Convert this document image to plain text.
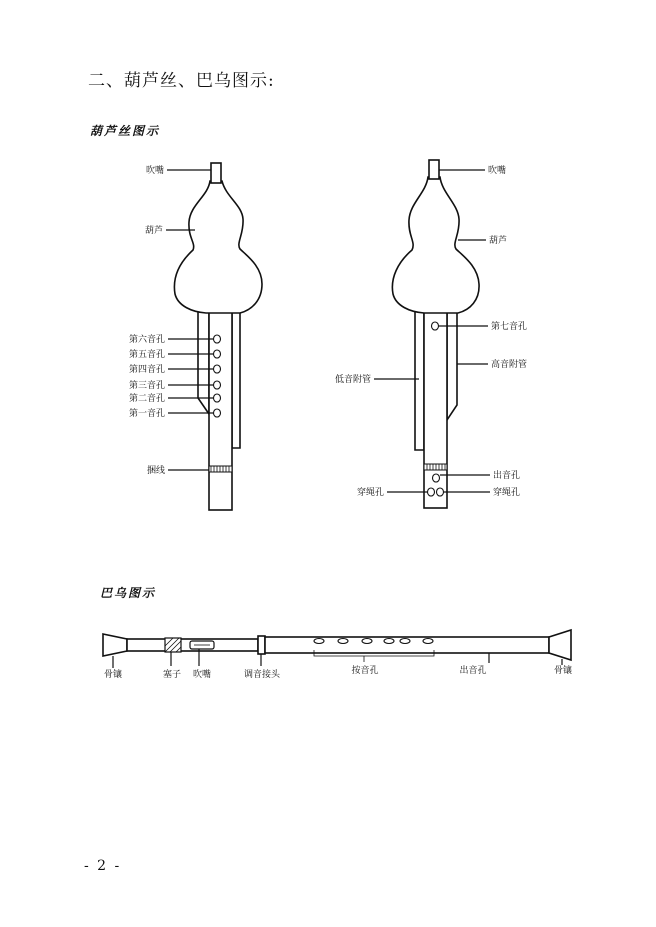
二、葫芦丝、巴乌图示:
葫芦丝图示
巴乌图示
吹嘴
葫芦
第六音孔
第五音孔
第四音孔
第三音孔
第二音孔
第一音孔
捆线
吹嘴
葫芦
第七音孔
高音附管
低音附管
出音孔
穿绳孔	穿绳孔
骨镶	塞子 吹嘴	调音接头	按音孔	出音孔	骨镶
- 2 -
